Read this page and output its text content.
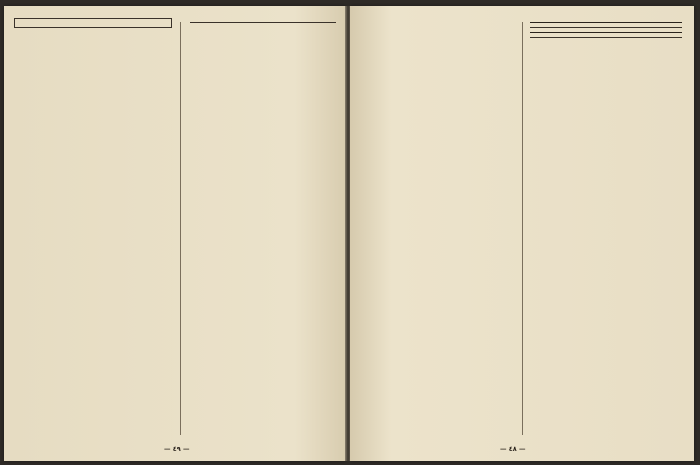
— ٤٩ —	— ٤٨ —
